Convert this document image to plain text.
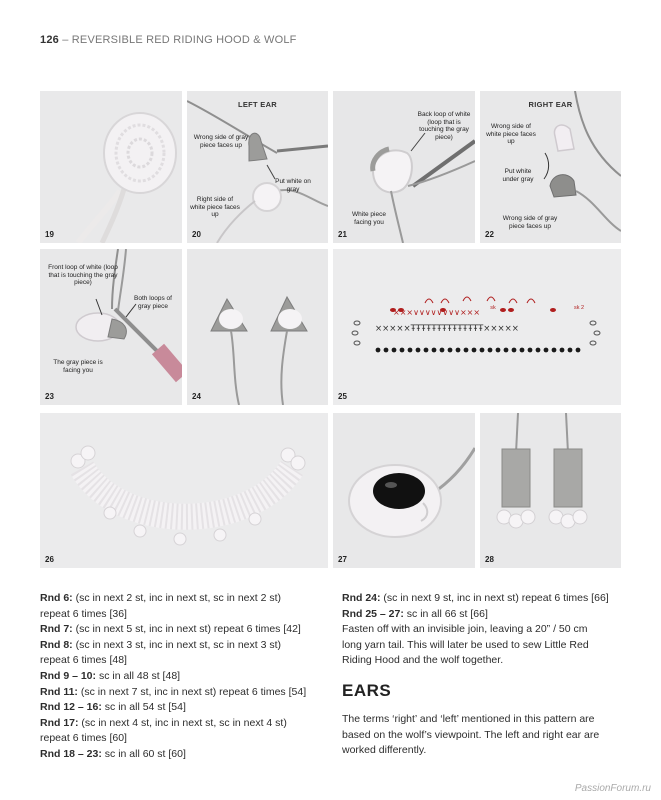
126 – REVERSIBLE RED RIDING HOOD & WOLF
19
LEFT EAR
Wrong side of gray piece faces up
Put white on gray
Right side of white piece faces up
20
Back loop of white (loop that is touching the gray piece)
White piece facing you
21
RIGHT EAR
Wrong side of white piece faces up
Put white under gray
Wrong side of gray piece faces up
22
Front loop of white (loop that is touching the gray piece)
Both loops of gray piece
The gray piece is facing you
23	24
×××∨∨∨∨∨∨∨∨×××
×××××ŦŦŦŦŦŦŦŦŦŦŦŦŦŦ×××××
sk	sk 2
25
26	27	28
Rnd 6: (sc in next 2 st, inc in next st, sc in next 2 st)
repeat 6 times [36]
Rnd 7: (sc in next 5 st, inc in next st) repeat 6 times [42]
Rnd 8: (sc in next 3 st, inc in next st, sc in next 3 st)
repeat 6 times [48]
Rnd 9 – 10: sc in all 48 st [48]
Rnd 11: (sc in next 7 st, inc in next st) repeat 6 times [54]
Rnd 12 – 16: sc in all 54 st [54]
Rnd 17: (sc in next 4 st, inc in next st, sc in next 4 st)
repeat 6 times [60]
Rnd 18 – 23: sc in all 60 st [60]
Rnd 24: (sc in next 9 st, inc in next st) repeat 6 times [66]
Rnd 25 – 27: sc in all 66 st [66]
Fasten off with an invisible join, leaving a 20” / 50 cm
long yarn tail. This will later be used to sew Little Red
Riding Hood and the wolf together.
EARS
The terms ‘right’ and ‘left’ mentioned in this pattern are based on the wolf’s viewpoint. The left and right ear are worked differently.
PassionForum.ru
